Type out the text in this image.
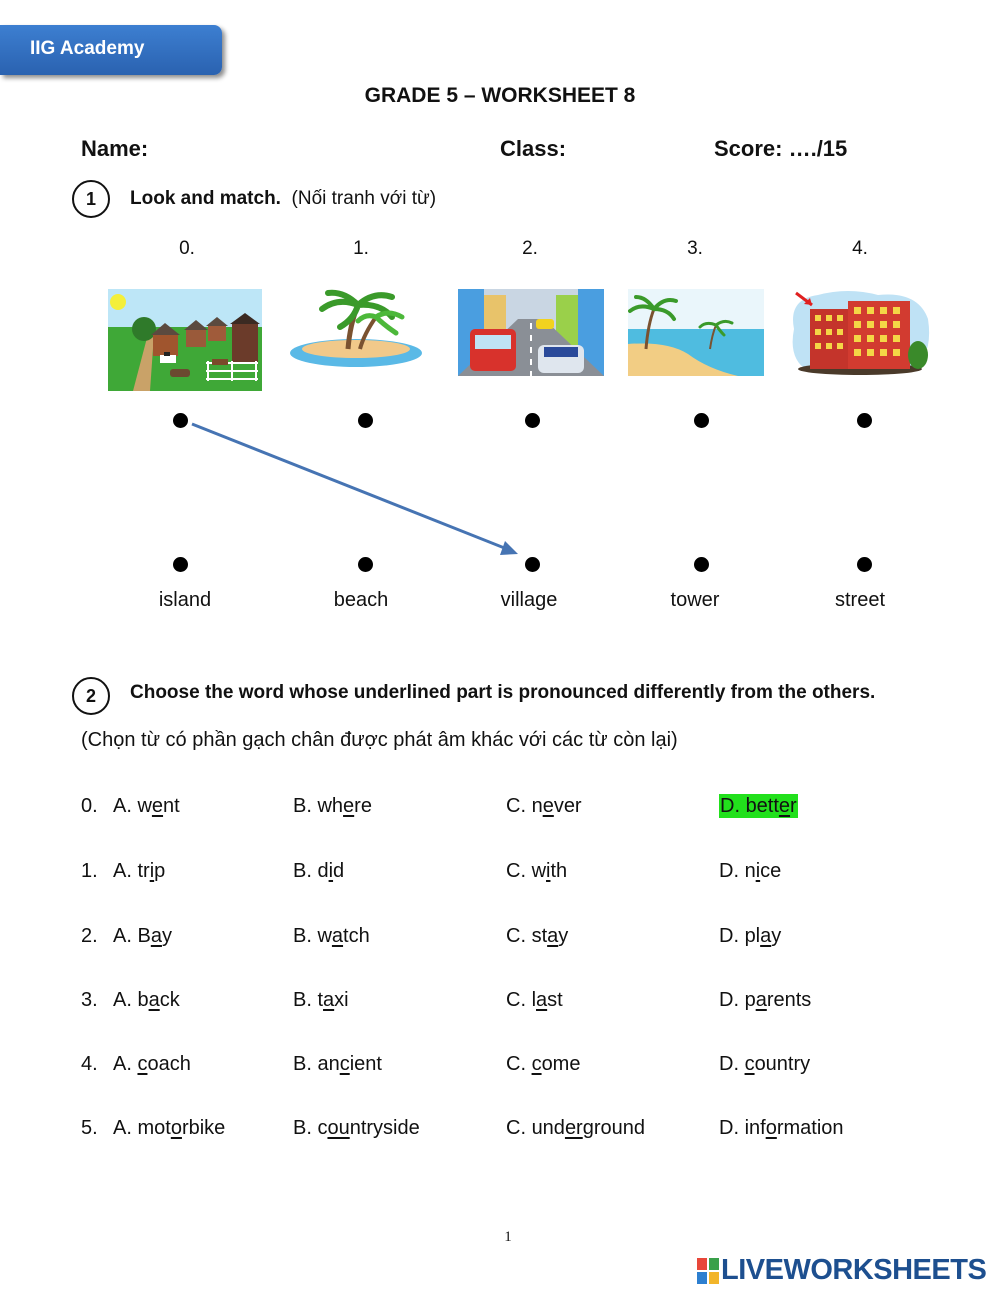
IIG Academy
GRADE 5 – WORKSHEET 8
Name:	Class:	Score: …./15
1	Look and match. (Nối tranh với từ)
0.	1.	2.	3.	4.
island	beach	village	tower	street
2	Choose the word whose underlined part is pronounced differently from the others.
(Chọn từ có phần gạch chân được phát âm khác với các từ còn lại)
0. A. went	B. where	C. never	D. better
1. A. trip	B. did	C. with	D. nice
2. A. Bay	B. watch	C. stay	D. play
3. A. back	B. taxi	C. last	D. parents
4. A. coach	B. ancient	C. come	D. country
5. A. motorbike	B. countryside	C. underground	D. information
1
LIVEWORKSHEETS
